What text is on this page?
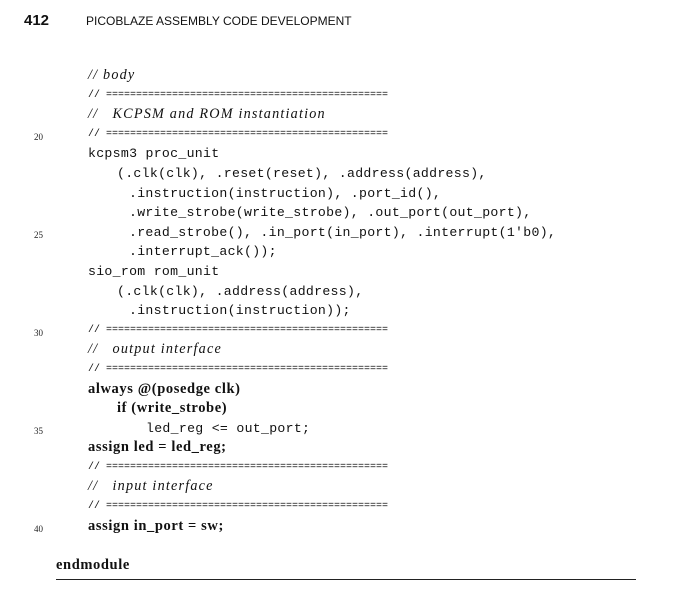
412	PICOBLAZE ASSEMBLY CODE DEVELOPMENT

// body

// ===============================================

//   KCPSM and ROM instantiation

20

	// ===============================================

kcpsm3 proc_unit

(.clk(clk), .reset(reset), .address(address),

.instruction(instruction), .port_id(),

.write_strobe(write_strobe), .out_port(out_port),

25

	.read_strobe(), .in_port(in_port), .interrupt(1'b0),

.interrupt_ack());

sio_rom rom_unit

(.clk(clk), .address(address),

.instruction(instruction));

30

	// ===============================================

//   output interface

// ===============================================

always @(posedge clk)

if (write_strobe)

35

	led_reg <= out_port;

assign led = led_reg;

// ===============================================

//   input interface

// ===============================================

40

	assign in_port = sw;

endmodule
